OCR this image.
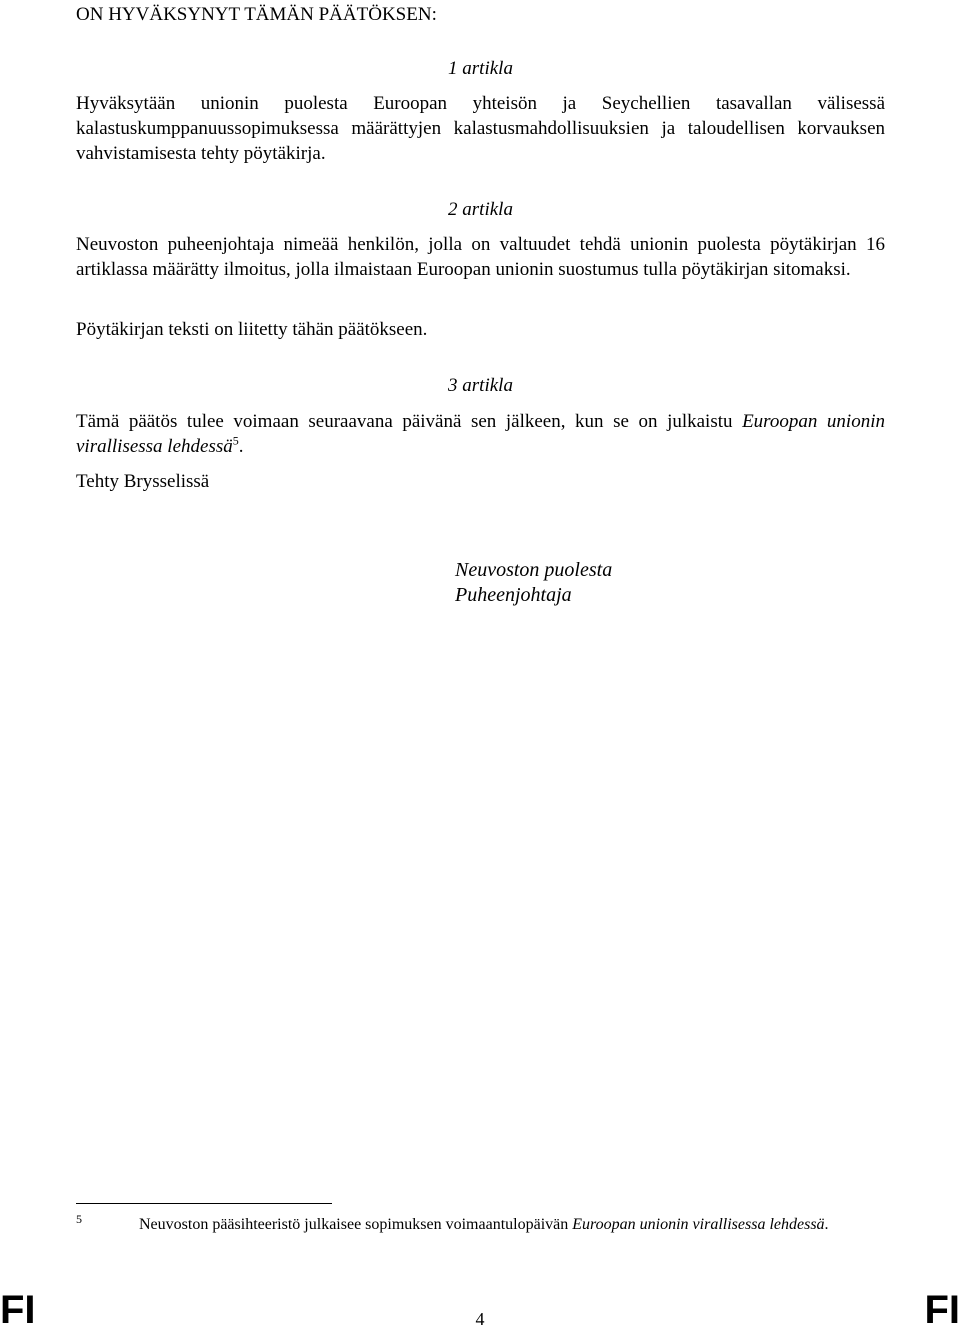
ON HYVÄKSYNYT TÄMÄN PÄÄTÖKSEN:
1 artikla
Hyväksytään unionin puolesta Euroopan yhteisön ja Seychellien tasavallan välisessä kalastuskumppanuussopimuksessa määrättyjen kalastusmahdollisuuksien ja taloudellisen korvauksen vahvistamisesta tehty pöytäkirja.
2 artikla
Neuvoston puheenjohtaja nimeää henkilön, jolla on valtuudet tehdä unionin puolesta pöytäkirjan 16 artiklassa määrätty ilmoitus, jolla ilmaistaan Euroopan unionin suostumus tulla pöytäkirjan sitomaksi.
Pöytäkirjan teksti on liitetty tähän päätökseen.
3 artikla
Tämä päätös tulee voimaan seuraavana päivänä sen jälkeen, kun se on julkaistu Euroopan unionin virallisessa lehdessä$^5$.
Tehty Brysselissä
Neuvoston puolesta
Puheenjohtaja
5	Neuvoston pääsihteeristö julkaisee sopimuksen voimaantulopäivän Euroopan unionin virallisessa lehdessä.
FI	4	FI
